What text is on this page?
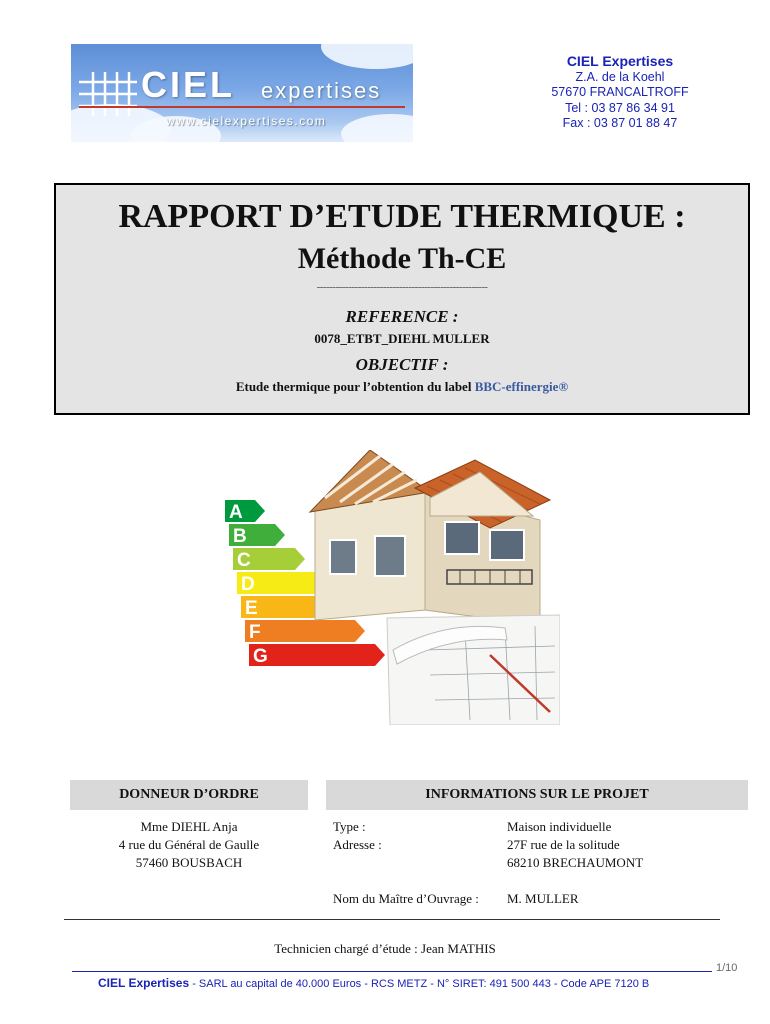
CIEL expertises
www.cielexpertises.com
CIEL Expertises
Z.A. de la Koehl
57670 FRANCALTROFF
Tel : 03 87 86 34 91
Fax : 03 87 01 88 47
RAPPORT D’ETUDE THERMIQUE :
Méthode Th-CE
------------------------------------------------------
REFERENCE :
0078_ETBT_DIEHL MULLER
OBJECTIF :
Etude thermique pour l’obtention du label BBC-effinergie®
A
B
C
D
E
F
G
DONNEUR D’ORDRE	INFORMATIONS SUR LE PROJET
Mme DIEHL Anja
4 rue du Général de Gaulle
57460 BOUSBACH
Type :	Maison individuelle
Adresse :	27F rue de la solitude
68210 BRECHAUMONT
Nom du Maître d’Ouvrage : M. MULLER
Technicien chargé d’étude : Jean MATHIS
1/10
CIEL Expertises - SARL au capital de 40.000 Euros - RCS METZ - N° SIRET: 491 500 443 - Code APE 7120 B
